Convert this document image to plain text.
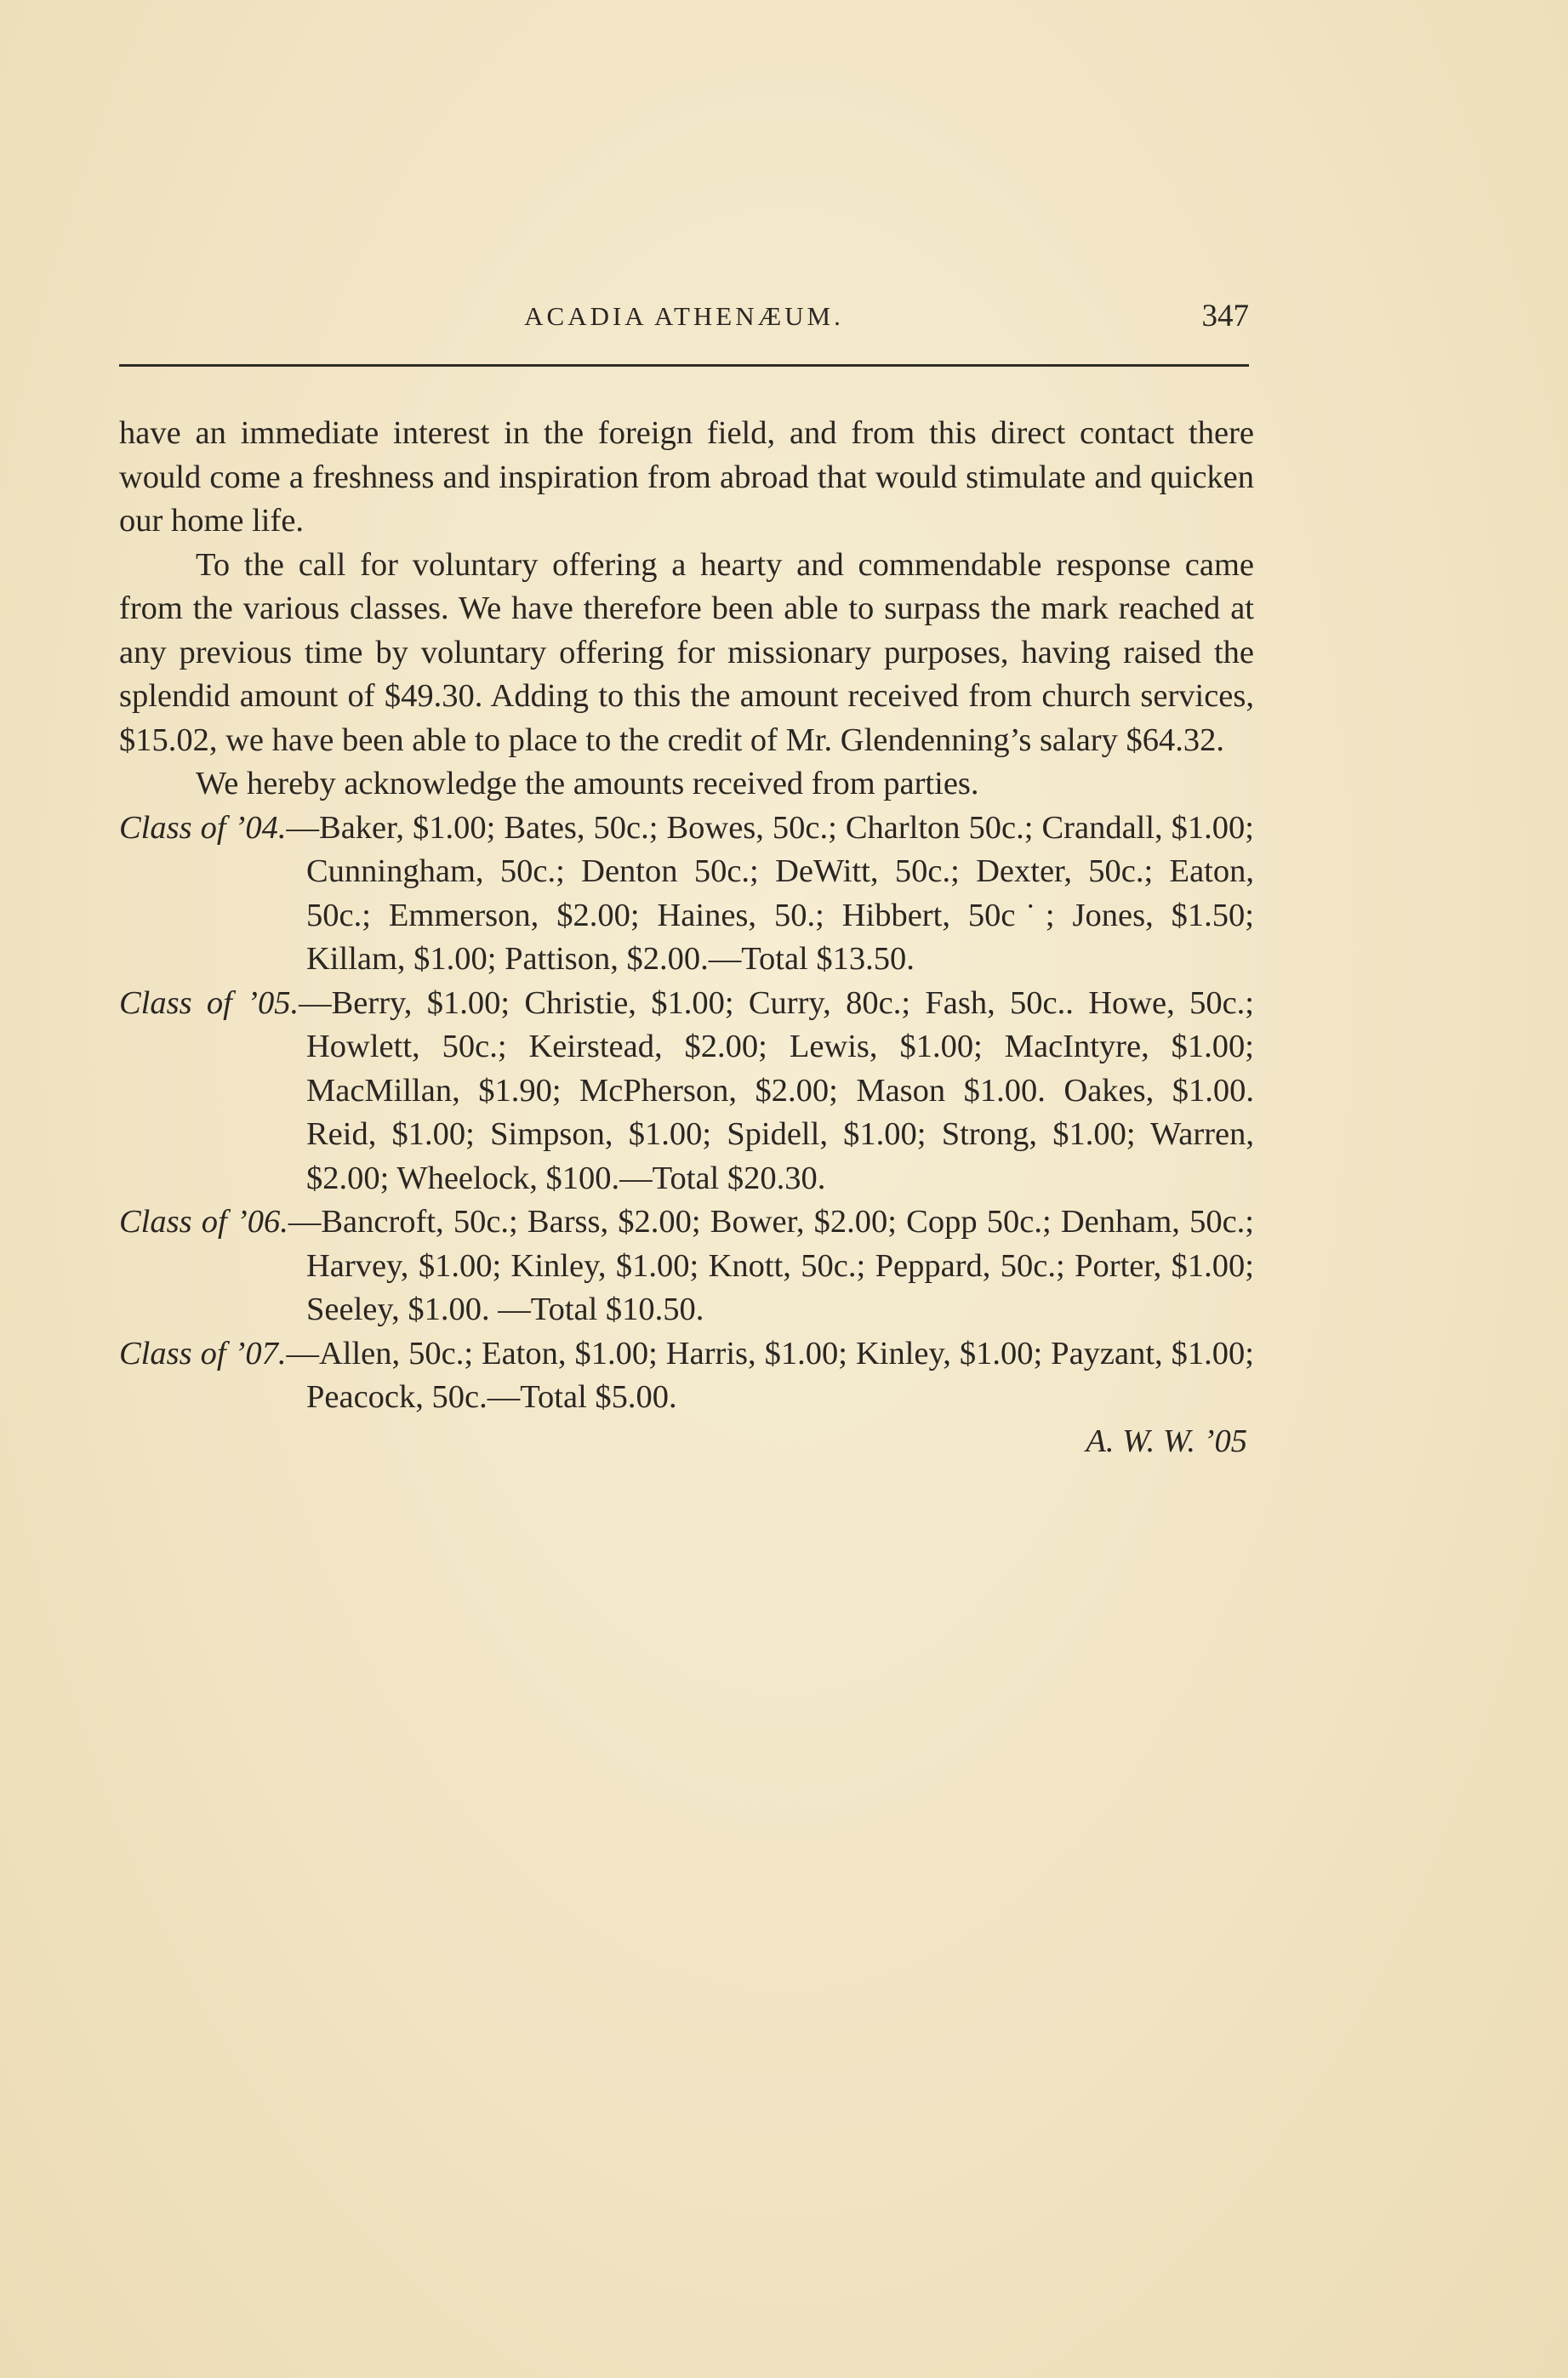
ACADIA ATHENÆUM.	347

have an immediate interest in the foreign field, and from this direct contact there would come a freshness and inspiration from abroad that would stimulate and quicken our home life.

To the call for voluntary offering a hearty and commendable response came from the various classes. We have therefore been able to surpass the mark reached at any previous time by voluntary offering for missionary purposes, having raised the splendid amount of $49.30. Adding to this the amount received from church services, $15.02, we have been able to place to the credit of Mr. Glendenning’s salary $64.32.

We hereby acknowledge the amounts received from parties.

Class of ’04.—Baker, $1.00; Bates, 50c.; Bowes, 50c.; Charlton 50c.; Crandall, $1.00; Cunningham, 50c.; Denton 50c.; DeWitt, 50c.; Dexter, 50c.; Eaton, 50c.; Emmerson, $2.00; Haines, 50.; Hibbert, 50c˙; Jones, $1.50; Killam, $1.00; Pattison, $2.00.—Total $13.50.

Class of ’05.—Berry, $1.00; Christie, $1.00; Curry, 80c.; Fash, 50c.. Howe, 50c.; Howlett, 50c.; Keirstead, $2.00; Lewis, $1.00; MacIntyre, $1.00; MacMillan, $1.90; McPherson, $2.00; Mason $1.00. Oakes, $1.00. Reid, $1.00; Simpson, $1.00; Spidell, $1.00; Strong, $1.00; Warren, $2.00; Wheelock, $100.—Total $20.30.

Class of ’06.—Bancroft, 50c.; Barss, $2.00; Bower, $2.00; Copp 50c.; Denham, 50c.; Harvey, $1.00; Kinley, $1.00; Knott, 50c.; Peppard, 50c.; Porter, $1.00; Seeley, $1.00. —Total $10.50.

Class of ’07.—Allen, 50c.; Eaton, $1.00; Harris, $1.00; Kinley, $1.00; Payzant, $1.00; Peacock, 50c.—Total $5.00.

A. W. W. ’05
